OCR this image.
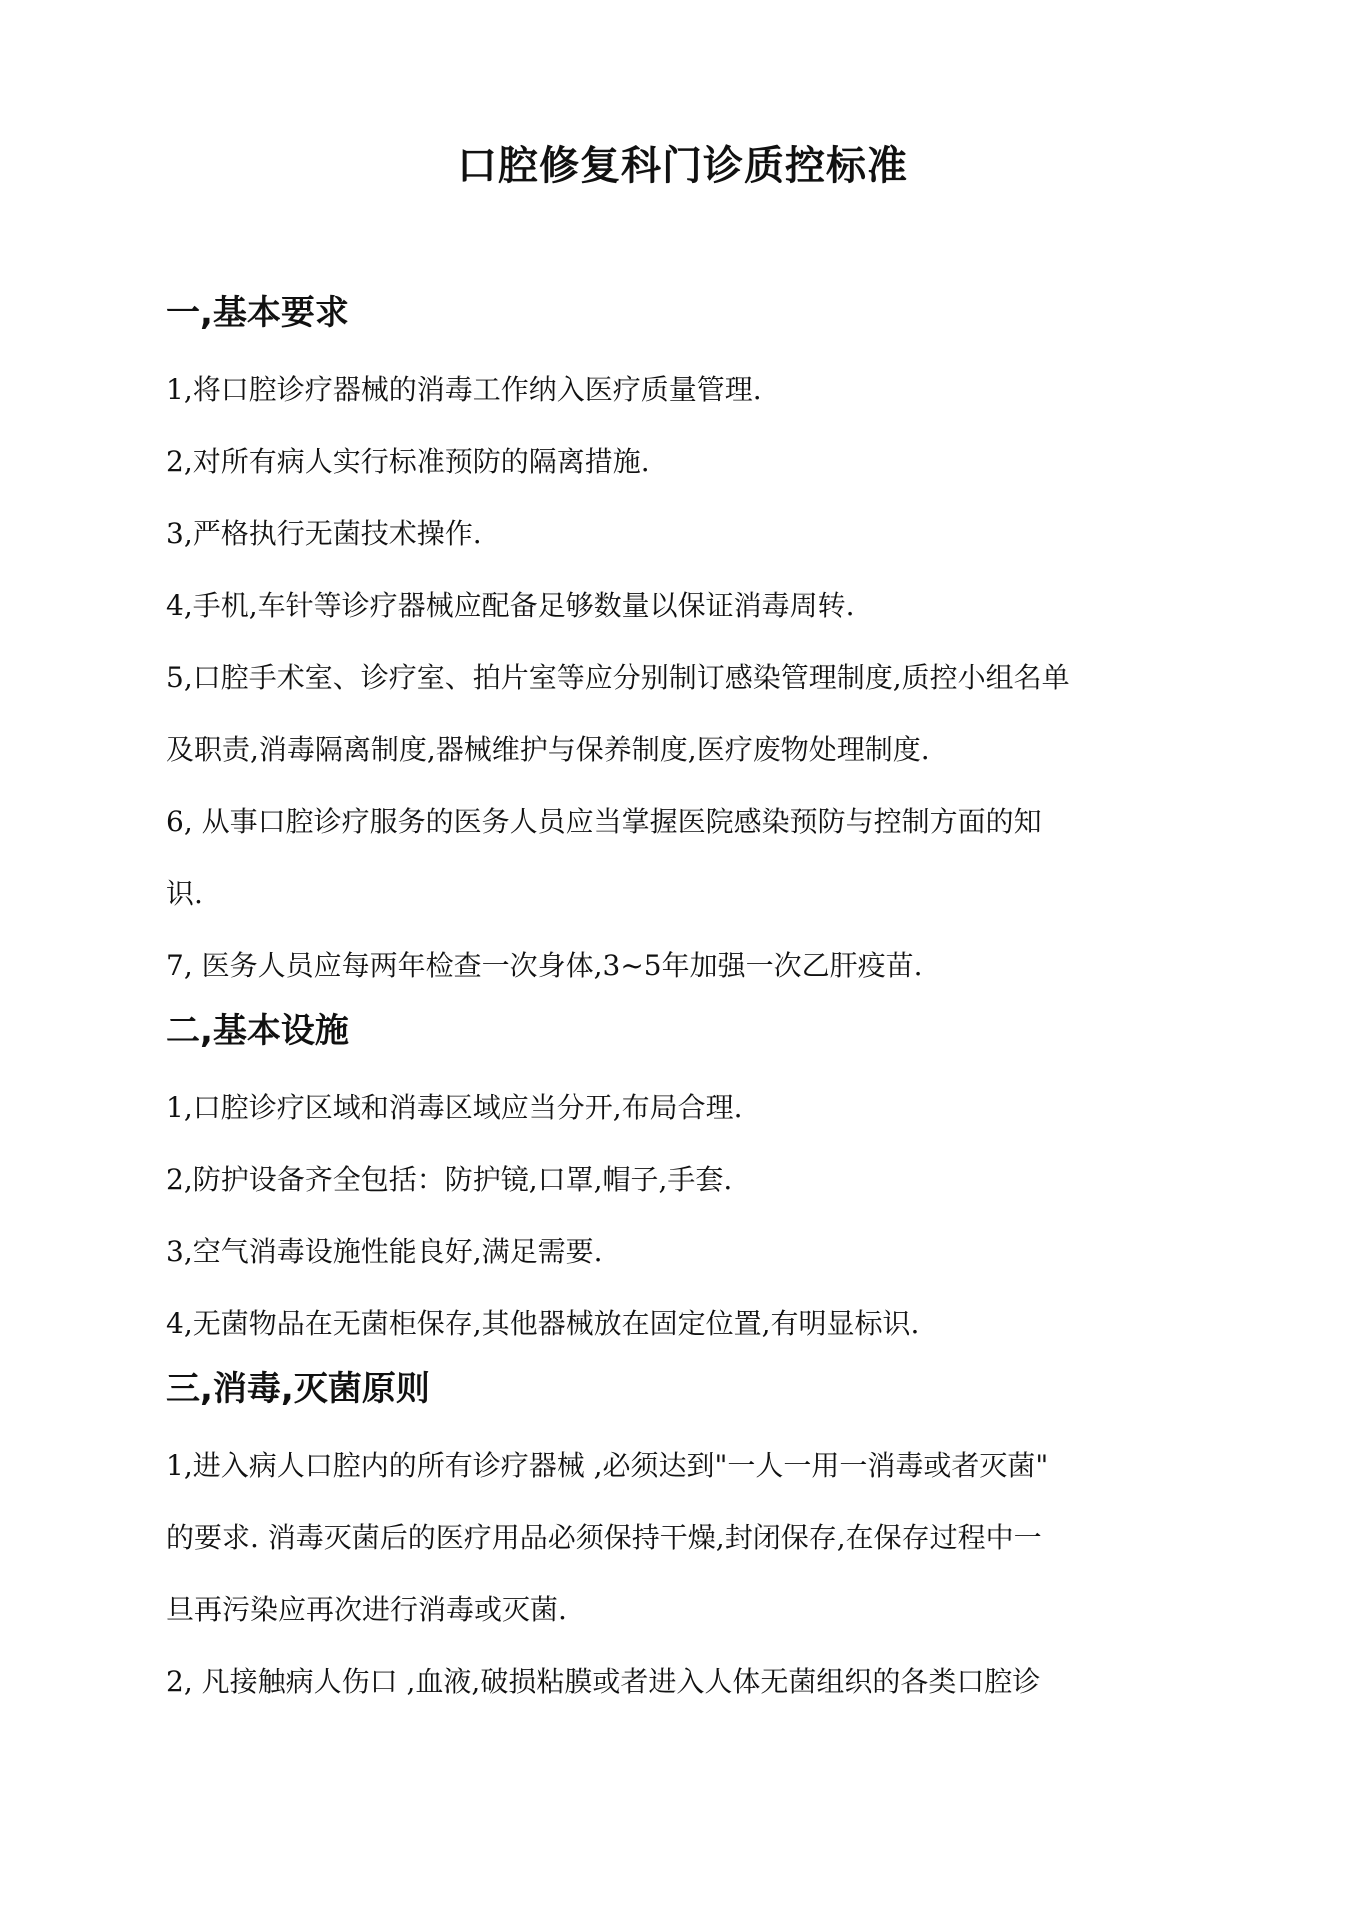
口腔修复科门诊质控标准
一,基本要求

1,将口腔诊疗器械的消毒工作纳入医疗质量管理.

2,对所有病人实行标准预防的隔离措施.

3,严格执行无菌技术操作.

4,手机,车针等诊疗器械应配备足够数量以保证消毒周转.

5,口腔手术室、诊疗室、拍片室等应分别制订感染管理制度,质控小组名单

及职责,消毒隔离制度,器械维护与保养制度,医疗废物处理制度.

6, 从事口腔诊疗服务的医务人员应当掌握医院感染预防与控制方面的知

识.

7, 医务人员应每两年检查一次身体,3~5年加强一次乙肝疫苗.

二,基本设施

1,口腔诊疗区域和消毒区域应当分开,布局合理.

2,防护设备齐全包括：防护镜,口罩,帽子,手套.

3,空气消毒设施性能良好,满足需要.

4,无菌物品在无菌柜保存,其他器械放在固定位置,有明显标识.

三,消毒,灭菌原则

1,进入病人口腔内的所有诊疗器械 ,必须达到"一人一用一消毒或者灭菌"

的要求. 消毒灭菌后的医疗用品必须保持干燥,封闭保存,在保存过程中一

旦再污染应再次进行消毒或灭菌.

2, 凡接触病人伤口 ,血液,破损粘膜或者进入人体无菌组织的各类口腔诊
